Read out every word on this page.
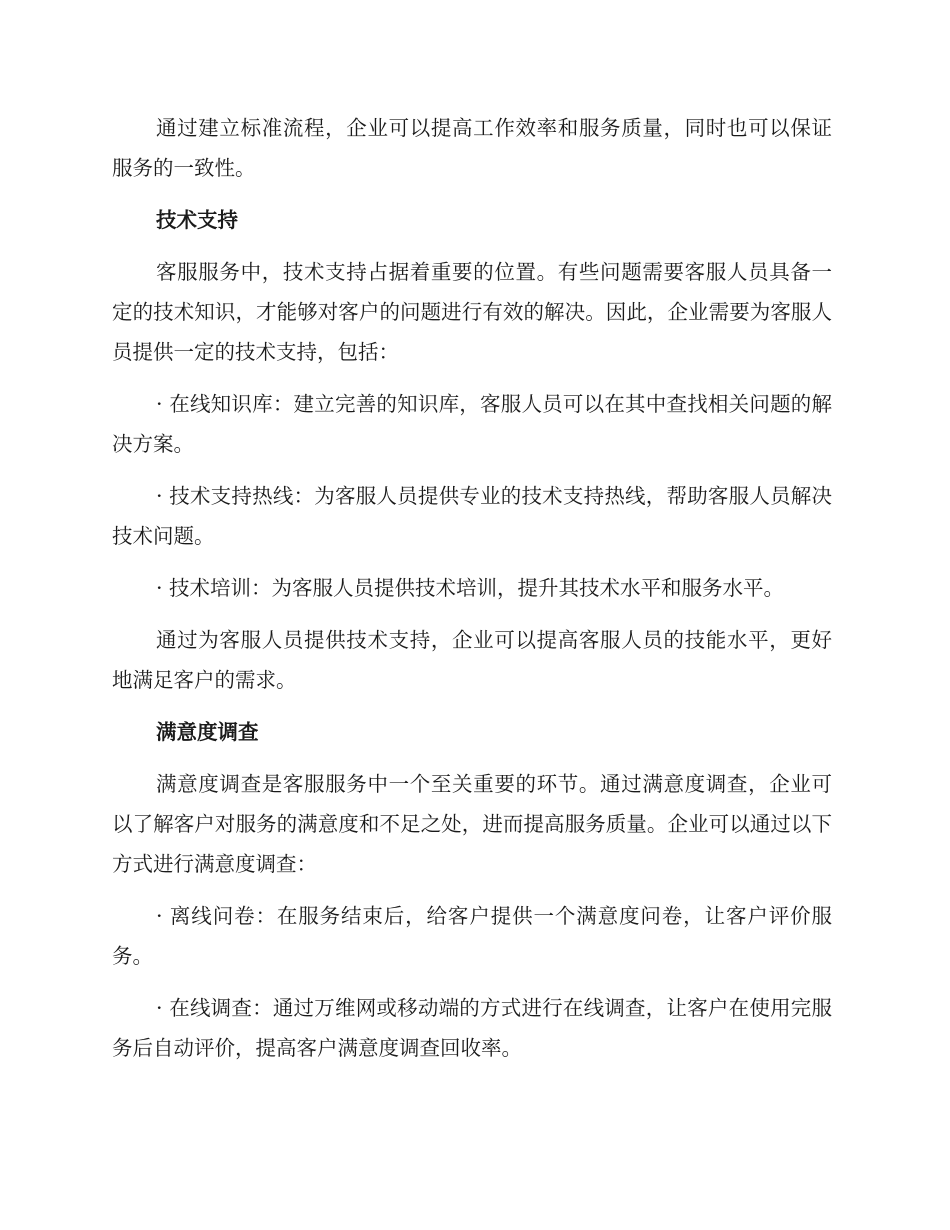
通过建立标准流程，企业可以提高工作效率和服务质量，同时也可以保证服务的一致性。

技术支持

客服服务中，技术支持占据着重要的位置。有些问题需要客服人员具备一定的技术知识，才能够对客户的问题进行有效的解决。因此，企业需要为客服人员提供一定的技术支持，包括：

· 在线知识库：建立完善的知识库，客服人员可以在其中查找相关问题的解决方案。

· 技术支持热线：为客服人员提供专业的技术支持热线，帮助客服人员解决技术问题。

· 技术培训：为客服人员提供技术培训，提升其技术水平和服务水平。

通过为客服人员提供技术支持，企业可以提高客服人员的技能水平，更好地满足客户的需求。

满意度调查

满意度调查是客服服务中一个至关重要的环节。通过满意度调查，企业可以了解客户对服务的满意度和不足之处，进而提高服务质量。企业可以通过以下方式进行满意度调查：

· 离线问卷：在服务结束后，给客户提供一个满意度问卷，让客户评价服务。

· 在线调查：通过万维网或移动端的方式进行在线调查，让客户在使用完服务后自动评价，提高客户满意度调查回收率。
